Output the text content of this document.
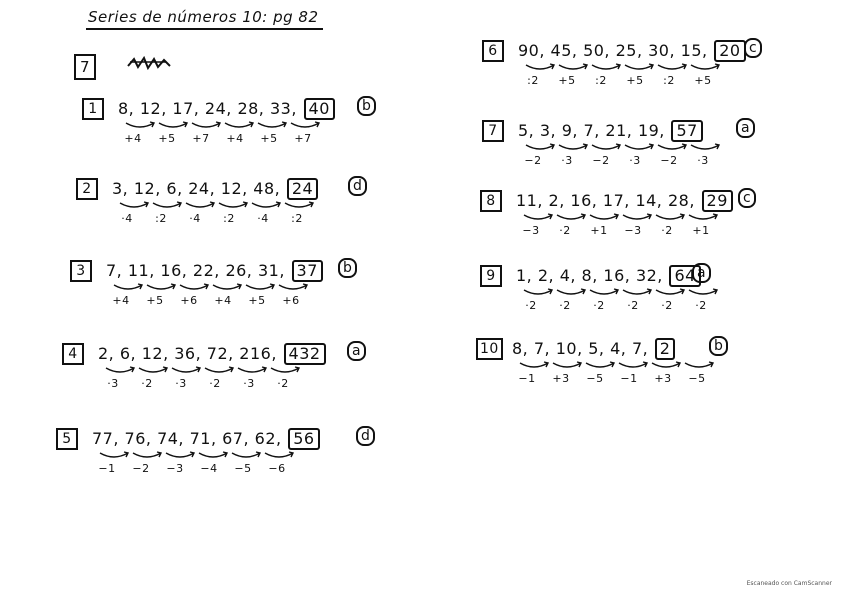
Series de números 10: pg 82
7
1	8, 12, 17, 24, 28, 33, 40
+4 +5 +7 +4 +5 +7
b
2	3, 12, 6, 24, 12, 48, 24
·4 :2 ·4 :2 ·4 :2
d
3	7, 11, 16, 22, 26, 31, 37
+4 +5 +6 +4 +5 +6
b
4	2, 6, 12, 36, 72, 216, 432
·3 ·2 ·3 ·2 ·3 ·2
a
5	77, 76, 74, 71, 67, 62, 56
−1 −2 −3 −4 −5 −6
d
6	90, 45, 50, 25, 30, 15, 20
:2 +5 :2 +5 :2 +5
c
7	5, 3, 9, 7, 21, 19, 57
−2 ·3 −2 ·3 −2 ·3
a
8	11, 2, 16, 17, 14, 28, 29
−3 ·2 +1 −3 ·2 +1
c
9	1, 2, 4, 8, 16, 32, 64
·2 ·2 ·2 ·2 ·2 ·2
a
10 8, 7, 10, 5, 4, 7, 2
−1 +3 −5 −1 +3 −5
b
Escaneado con CamScanner
